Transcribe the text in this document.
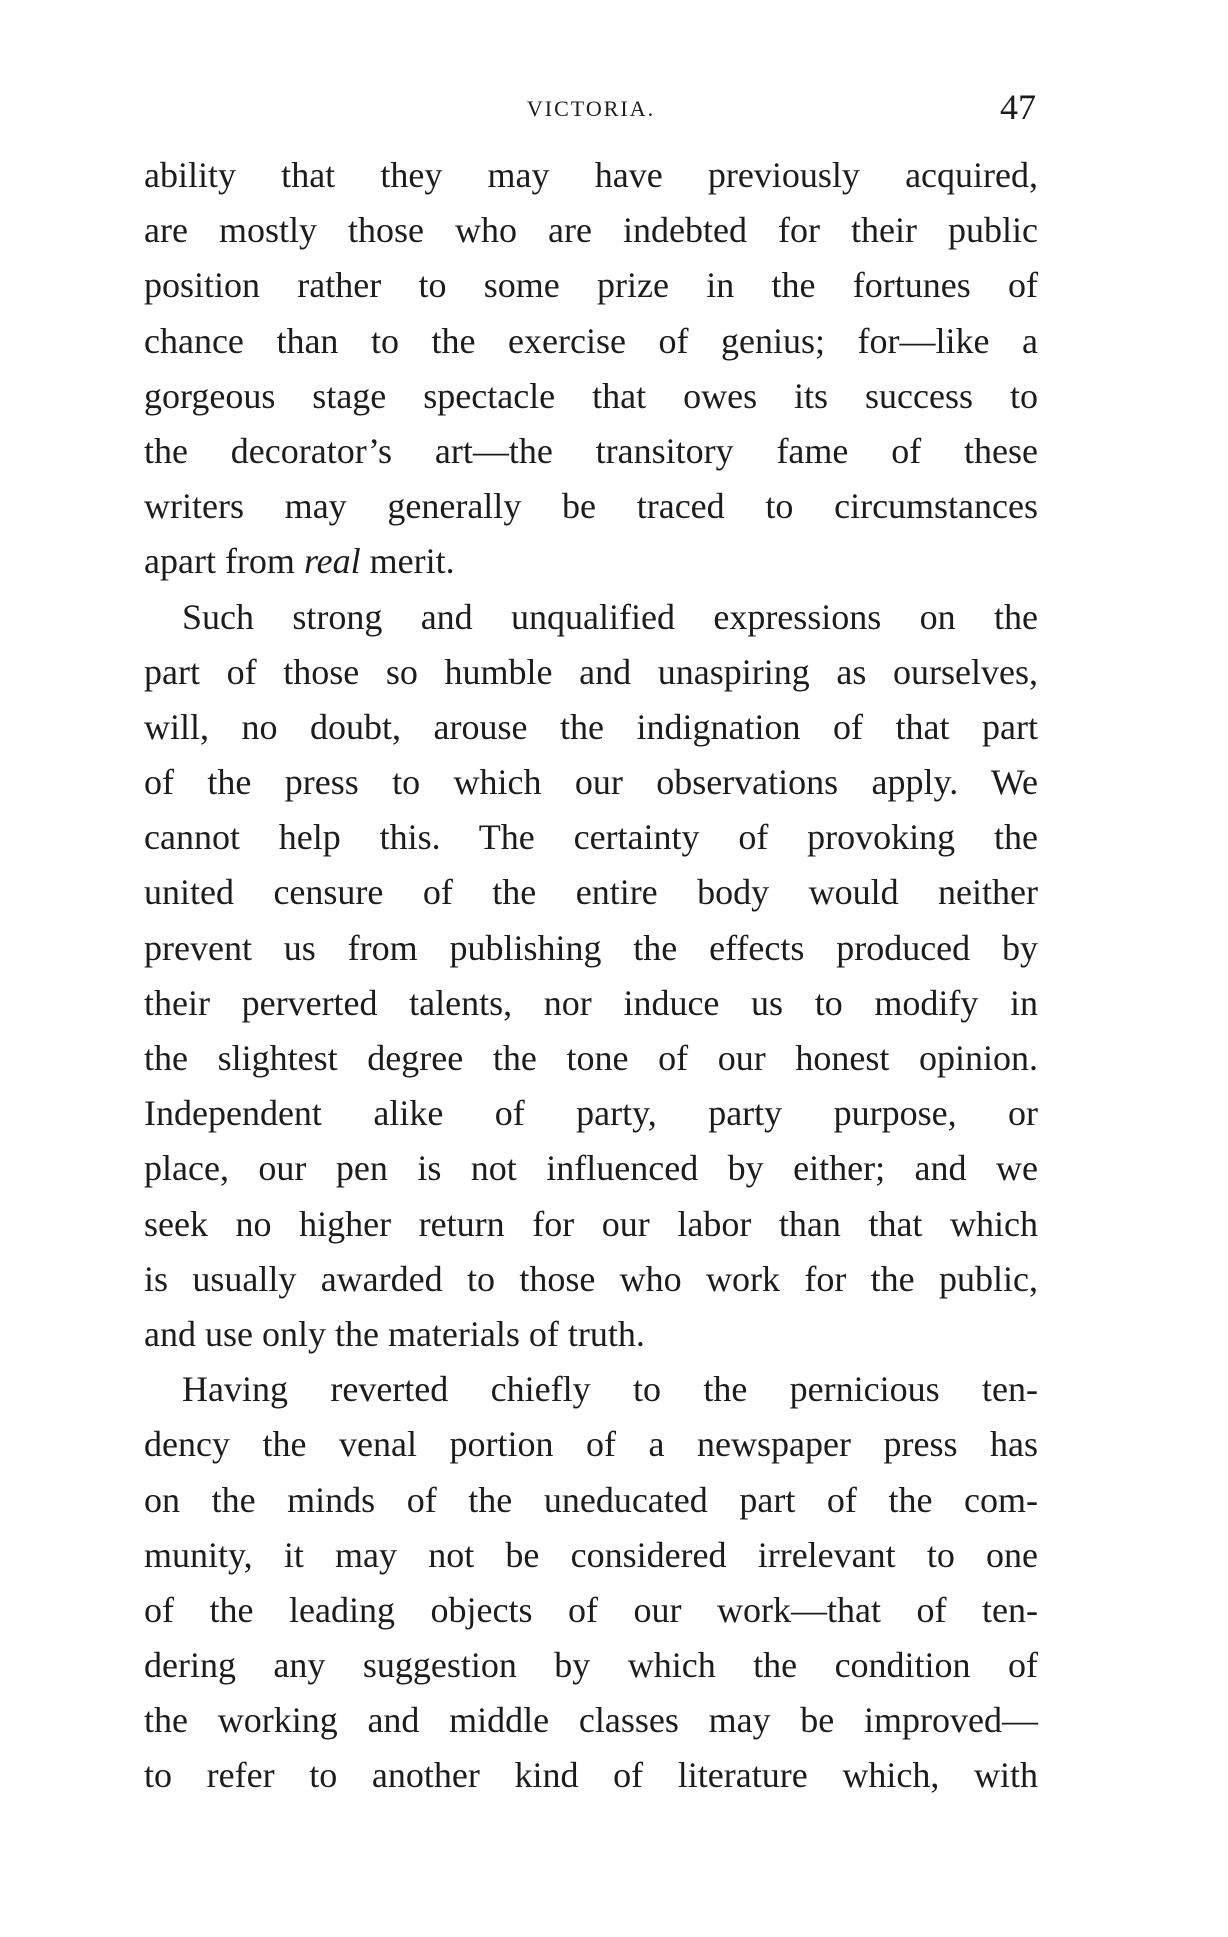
VICTORIA.	47
ability that they may have previously acquired,
are mostly those who are indebted for their public
position rather to some prize in the fortunes of
chance than to the exercise of genius; for—like a
gorgeous stage spectacle that owes its success to
the decorator’s art—the transitory fame of these
writers may generally be traced to circumstances
apart from real merit.
Such strong and unqualified expressions on the
part of those so humble and unaspiring as ourselves,
will, no doubt, arouse the indignation of that part
of the press to which our observations apply. We
cannot help this. The certainty of provoking the
united censure of the entire body would neither
prevent us from publishing the effects produced by
their perverted talents, nor induce us to modify in
the slightest degree the tone of our honest opinion.
Independent alike of party, party purpose, or
place, our pen is not influenced by either; and we
seek no higher return for our labor than that which
is usually awarded to those who work for the public,
and use only the materials of truth.
Having reverted chiefly to the pernicious ten-
dency the venal portion of a newspaper press has
on the minds of the uneducated part of the com-
munity, it may not be considered irrelevant to one
of the leading objects of our work—that of ten-
dering any suggestion by which the condition of
the working and middle classes may be improved—
to refer to another kind of literature which, with
